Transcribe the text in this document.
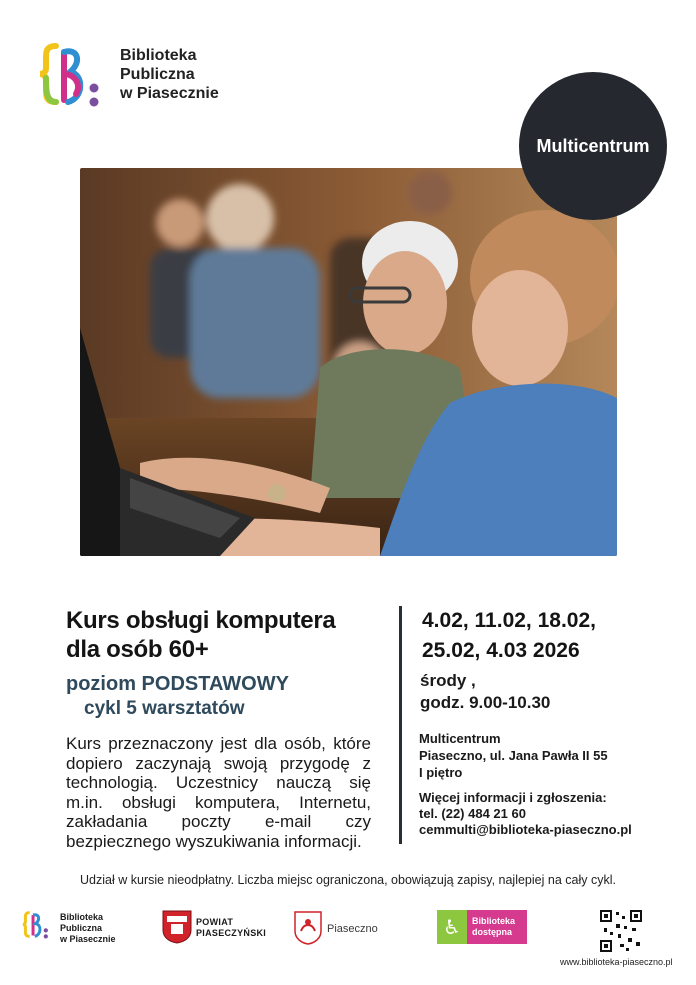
Biblioteka
Publiczna
w Piasecznie
Multicentrum
Kurs obsługi komputera
dla osób 60+
poziom PODSTAWOWY
cykl 5 warsztatów
Kurs przeznaczony jest dla osób, które dopiero zaczynają swoją przygodę z technologią. Uczestnicy nauczą się m.in. obsługi komputera, Internetu, zakładania poczty e-mail czy bezpiecznego wyszukiwania informacji.
4.02, 11.02, 18.02,
25.02, 4.03 2026
środy ,
godz. 9.00-10.30
Multicentrum
Piaseczno, ul. Jana Pawła II 55
I piętro
Więcej informacji i zgłoszenia:
tel. (22) 484 21 60
cemmulti@biblioteka-piaseczno.pl
Udział w kursie nieodpłatny. Liczba miejsc ograniczona, obowiązują zapisy, najlepiej na cały cykl.
Biblioteka
Publiczna
w Piasecznie
POWIAT
PIASECZYŃSKI	Piaseczno	♿	Biblioteka
dostępna
www.biblioteka-piaseczno.pl
